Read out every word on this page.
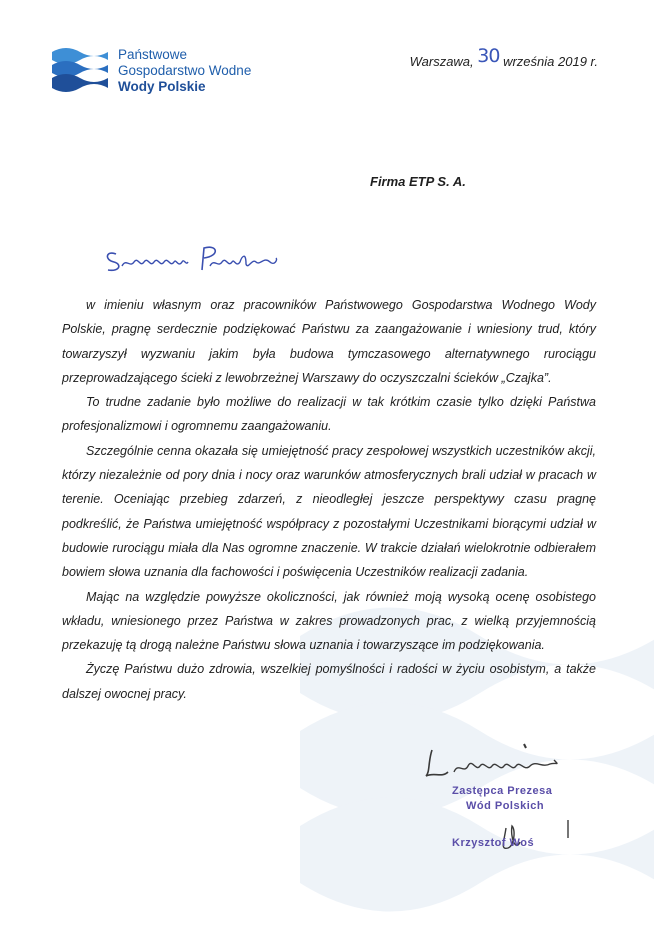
Państwowe
Gospodarstwo Wodne
Wody Polskie
Warszawa, 30 września 2019 r.
Firma ETP S. A.

w imieniu własnym oraz pracowników Państwowego Gospodarstwa Wodnego Wody Polskie, pragnę serdecznie podziękować Państwu za zaangażowanie i wniesiony trud, który towarzyszył wyzwaniu jakim była budowa tymczasowego alternatywnego rurociągu przeprowadzającego ścieki z lewobrzeżnej Warszawy do oczyszczalni ścieków „Czajka”.

To trudne zadanie było możliwe do realizacji w tak krótkim czasie tylko dzięki Państwa profesjonalizmowi i ogromnemu zaangażowaniu.

Szczególnie cenna okazała się umiejętność pracy zespołowej wszystkich uczestników akcji, którzy niezależnie od pory dnia i nocy oraz warunków atmosferycznych brali udział w pracach w terenie. Oceniając przebieg zdarzeń, z nieodległej jeszcze perspektywy czasu pragnę podkreślić, że Państwa umiejętność współpracy z pozostałymi Uczestnikami biorącymi udział w budowie rurociągu miała dla Nas ogromne znaczenie. W trakcie działań wielokrotnie odbierałem bowiem słowa uznania dla fachowości i poświęcenia Uczestników realizacji zadania.

Mając na względzie powyższe okoliczności, jak również moją wysoką ocenę osobistego wkładu, wniesionego przez Państwa w zakres prowadzonych prac, z wielką przyjemnością przekazuję tą drogą należne Państwu słowa uznania i towarzyszące im podziękowania.

Życzę Państwu dużo zdrowia, wszelkiej pomyślności i radości w życiu osobistym, a także dalszej owocnej pracy.

Zastępca Prezesa
Wód Polskich
Krzysztof Woś
